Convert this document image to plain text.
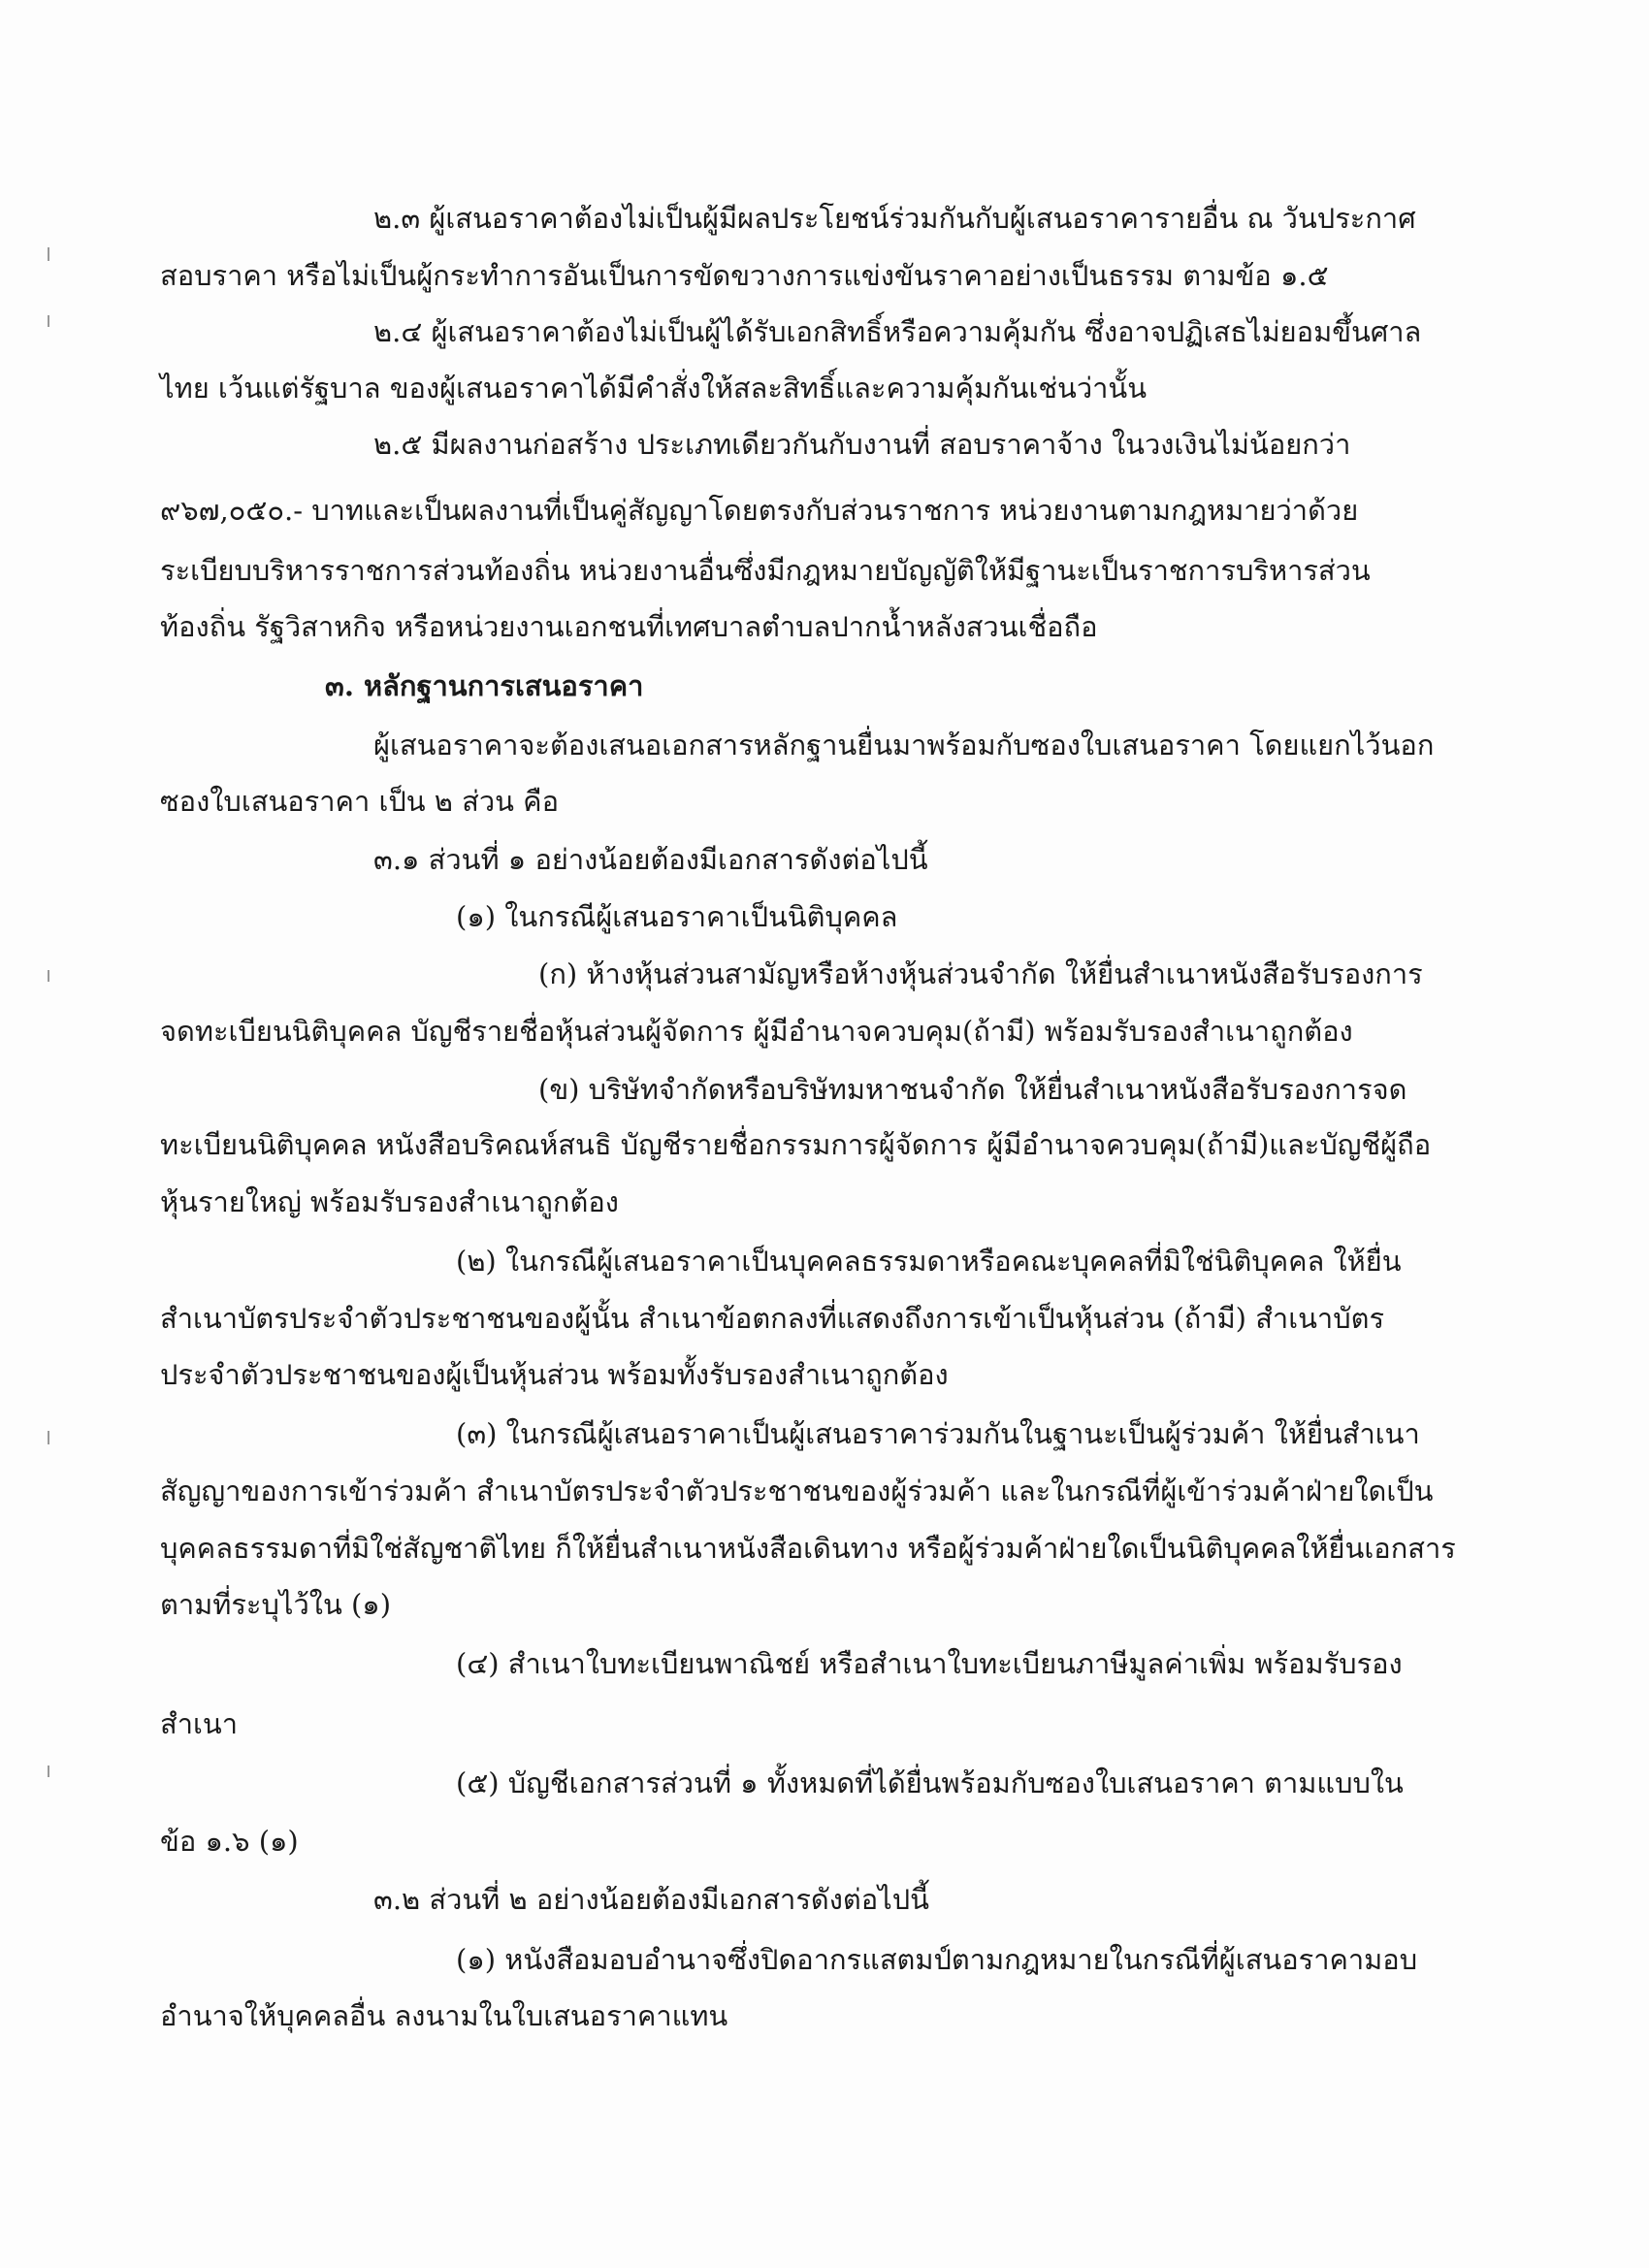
๒.๓ ผู้เสนอราคาต้องไม่เป็นผู้มีผลประโยชน์ร่วมกันกับผู้เสนอราคารายอื่น ณ วันประกาศ
สอบราคา หรือไม่เป็นผู้กระทำการอันเป็นการขัดขวางการแข่งขันราคาอย่างเป็นธรรม ตามข้อ ๑.๕
๒.๔ ผู้เสนอราคาต้องไม่เป็นผู้ได้รับเอกสิทธิ์หรือความคุ้มกัน ซึ่งอาจปฏิเสธไม่ยอมขึ้นศาล
ไทย เว้นแต่รัฐบาล ของผู้เสนอราคาได้มีคำสั่งให้สละสิทธิ์และความคุ้มกันเช่นว่านั้น
๒.๕ มีผลงานก่อสร้าง ประเภทเดียวกันกับงานที่ สอบราคาจ้าง ในวงเงินไม่น้อยกว่า
๙๖๗,๐๕๐.- บาทและเป็นผลงานที่เป็นคู่สัญญาโดยตรงกับส่วนราชการ หน่วยงานตามกฎหมายว่าด้วย
ระเบียบบริหารราชการส่วนท้องถิ่น หน่วยงานอื่นซึ่งมีกฎหมายบัญญัติให้มีฐานะเป็นราชการบริหารส่วน
ท้องถิ่น รัฐวิสาหกิจ หรือหน่วยงานเอกชนที่เทศบาลตำบลปากน้ำหลังสวนเชื่อถือ
๓. หลักฐานการเสนอราคา
ผู้เสนอราคาจะต้องเสนอเอกสารหลักฐานยื่นมาพร้อมกับซองใบเสนอราคา โดยแยกไว้นอก
ซองใบเสนอราคา เป็น ๒ ส่วน คือ
๓.๑ ส่วนที่ ๑ อย่างน้อยต้องมีเอกสารดังต่อไปนี้
(๑) ในกรณีผู้เสนอราคาเป็นนิติบุคคล
(ก) ห้างหุ้นส่วนสามัญหรือห้างหุ้นส่วนจำกัด ให้ยื่นสำเนาหนังสือรับรองการ
จดทะเบียนนิติบุคคล บัญชีรายชื่อหุ้นส่วนผู้จัดการ ผู้มีอำนาจควบคุม(ถ้ามี) พร้อมรับรองสำเนาถูกต้อง
(ข) บริษัทจำกัดหรือบริษัทมหาชนจำกัด ให้ยื่นสำเนาหนังสือรับรองการจด
ทะเบียนนิติบุคคล หนังสือบริคณห์สนธิ บัญชีรายชื่อกรรมการผู้จัดการ ผู้มีอำนาจควบคุม(ถ้ามี)และบัญชีผู้ถือ
หุ้นรายใหญ่ พร้อมรับรองสำเนาถูกต้อง
(๒) ในกรณีผู้เสนอราคาเป็นบุคคลธรรมดาหรือคณะบุคคลที่มิใช่นิติบุคคล ให้ยื่น
สำเนาบัตรประจำตัวประชาชนของผู้นั้น สำเนาข้อตกลงที่แสดงถึงการเข้าเป็นหุ้นส่วน (ถ้ามี) สำเนาบัตร
ประจำตัวประชาชนของผู้เป็นหุ้นส่วน พร้อมทั้งรับรองสำเนาถูกต้อง
(๓) ในกรณีผู้เสนอราคาเป็นผู้เสนอราคาร่วมกันในฐานะเป็นผู้ร่วมค้า ให้ยื่นสำเนา
สัญญาของการเข้าร่วมค้า สำเนาบัตรประจำตัวประชาชนของผู้ร่วมค้า และในกรณีที่ผู้เข้าร่วมค้าฝ่ายใดเป็น
บุคคลธรรมดาที่มิใช่สัญชาติไทย ก็ให้ยื่นสำเนาหนังสือเดินทาง หรือผู้ร่วมค้าฝ่ายใดเป็นนิติบุคคลให้ยื่นเอกสาร
ตามที่ระบุไว้ใน (๑)
(๔) สำเนาใบทะเบียนพาณิชย์ หรือสำเนาใบทะเบียนภาษีมูลค่าเพิ่ม พร้อมรับรอง
สำเนา
(๕) บัญชีเอกสารส่วนที่ ๑ ทั้งหมดที่ได้ยื่นพร้อมกับซองใบเสนอราคา ตามแบบใน
ข้อ ๑.๖ (๑)
๓.๒ ส่วนที่ ๒ อย่างน้อยต้องมีเอกสารดังต่อไปนี้
(๑) หนังสือมอบอำนาจซึ่งปิดอากรแสตมป์ตามกฎหมายในกรณีที่ผู้เสนอราคามอบ
อำนาจให้บุคคลอื่น ลงนามในใบเสนอราคาแทน
